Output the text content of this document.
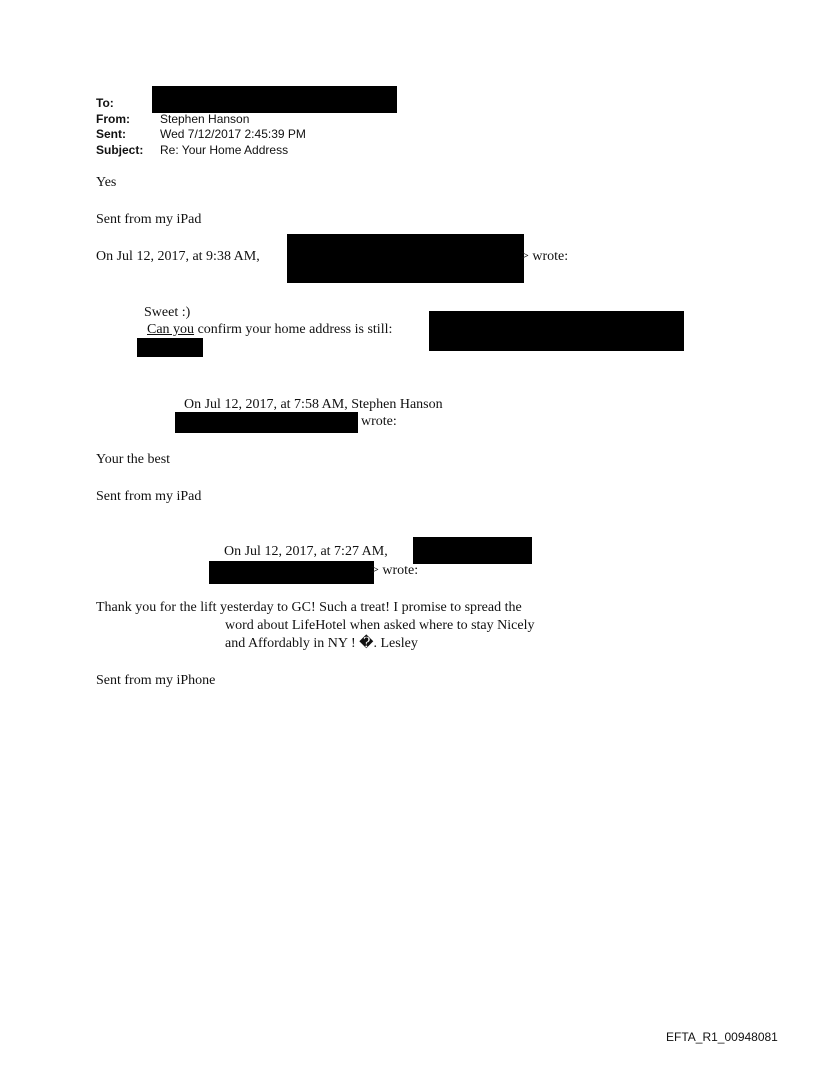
To:
From:	Stephen Hanson
Sent:	Wed 7/12/2017 2:45:39 PM
Subject: Re: Your Home Address
Yes
Sent from my iPad
On Jul 12, 2017, at 9:38 AM,	> wrote:
Sweet :)
Can you confirm your home address is still:
On Jul 12, 2017, at 7:58 AM, Stephen Hanson
wrote:
Your the best
Sent from my iPad
On Jul 12, 2017, at 7:27 AM,
> wrote:
Thank you for the lift yesterday to GC! Such a treat! I promise to spread the
word about LifeHotel when asked where to stay Nicely
and Affordably in NY ! �. Lesley
Sent from my iPhone
EFTA_R1_00948081
